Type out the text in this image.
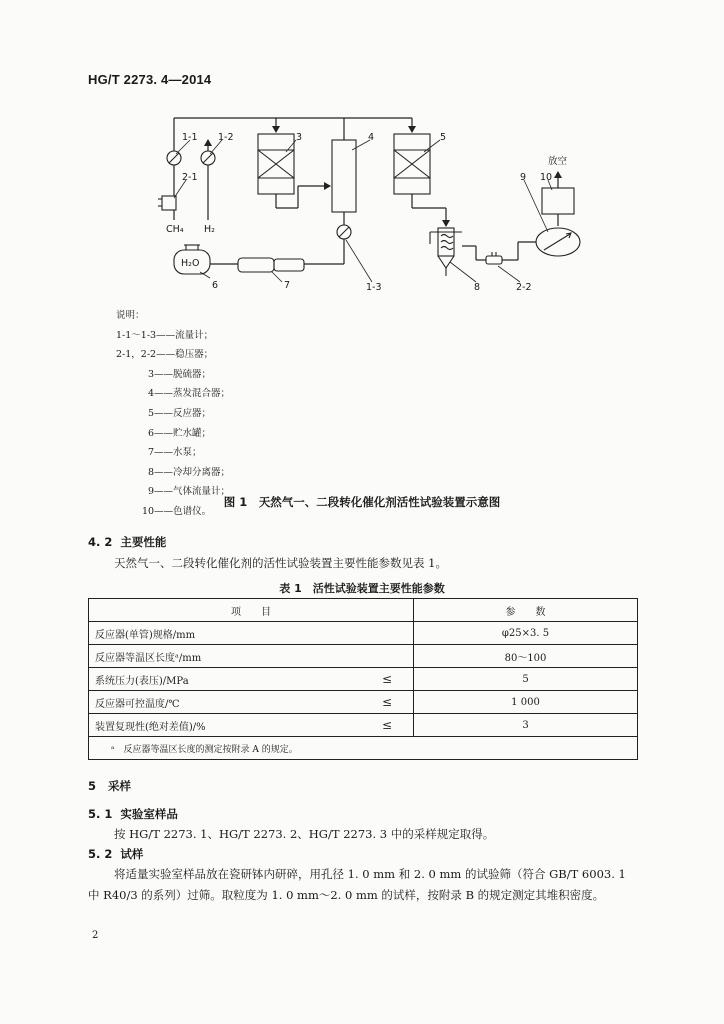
HG/T 2273. 4—2014
1-1 1-2	3	4	5
2-1
CH₄ H₂
H₂O
6	7	1-3	8	2-2
9 10
放空
说明：
1-1～1-3——流量计；
2-1，2-2——稳压器；
3——脱硫器；
4——蒸发混合器；
5——反应器；
6——贮水罐；
7——水泵；
8——冷却分离器；
9——气体流量计；
10——色谱仪。
图 1　天然气一、二段转化催化剂活性试验装置示意图
4. 2 主要性能
天然气一、二段转化催化剂的活性试验装置主要性能参数见表 1。
表 1　活性试验装置主要性能参数
项　　目		参　　数
反应器(单管)规格/mm		φ25×3. 5
反应器等温区长度ᵃ/mm		80～100
系统压力(表压)/MPa	≤	5
反应器可控温度/℃	≤	1 000
装置复现性(绝对差值)/%	≤	3
ᵃ　反应器等温区长度的测定按附录 A 的规定。		
5 采样
5. 1 实验室样品
按 HG/T 2273. 1、HG/T 2273. 2、HG/T 2273. 3 中的采样规定取得。
5. 2 试样
将适量实验室样品放在瓷研钵内研碎，用孔径 1. 0 mm 和 2. 0 mm 的试验筛（符合 GB/T 6003. 1
中 R40/3 的系列）过筛。取粒度为 1. 0 mm～2. 0 mm 的试样，按附录 B 的规定测定其堆积密度。
2
